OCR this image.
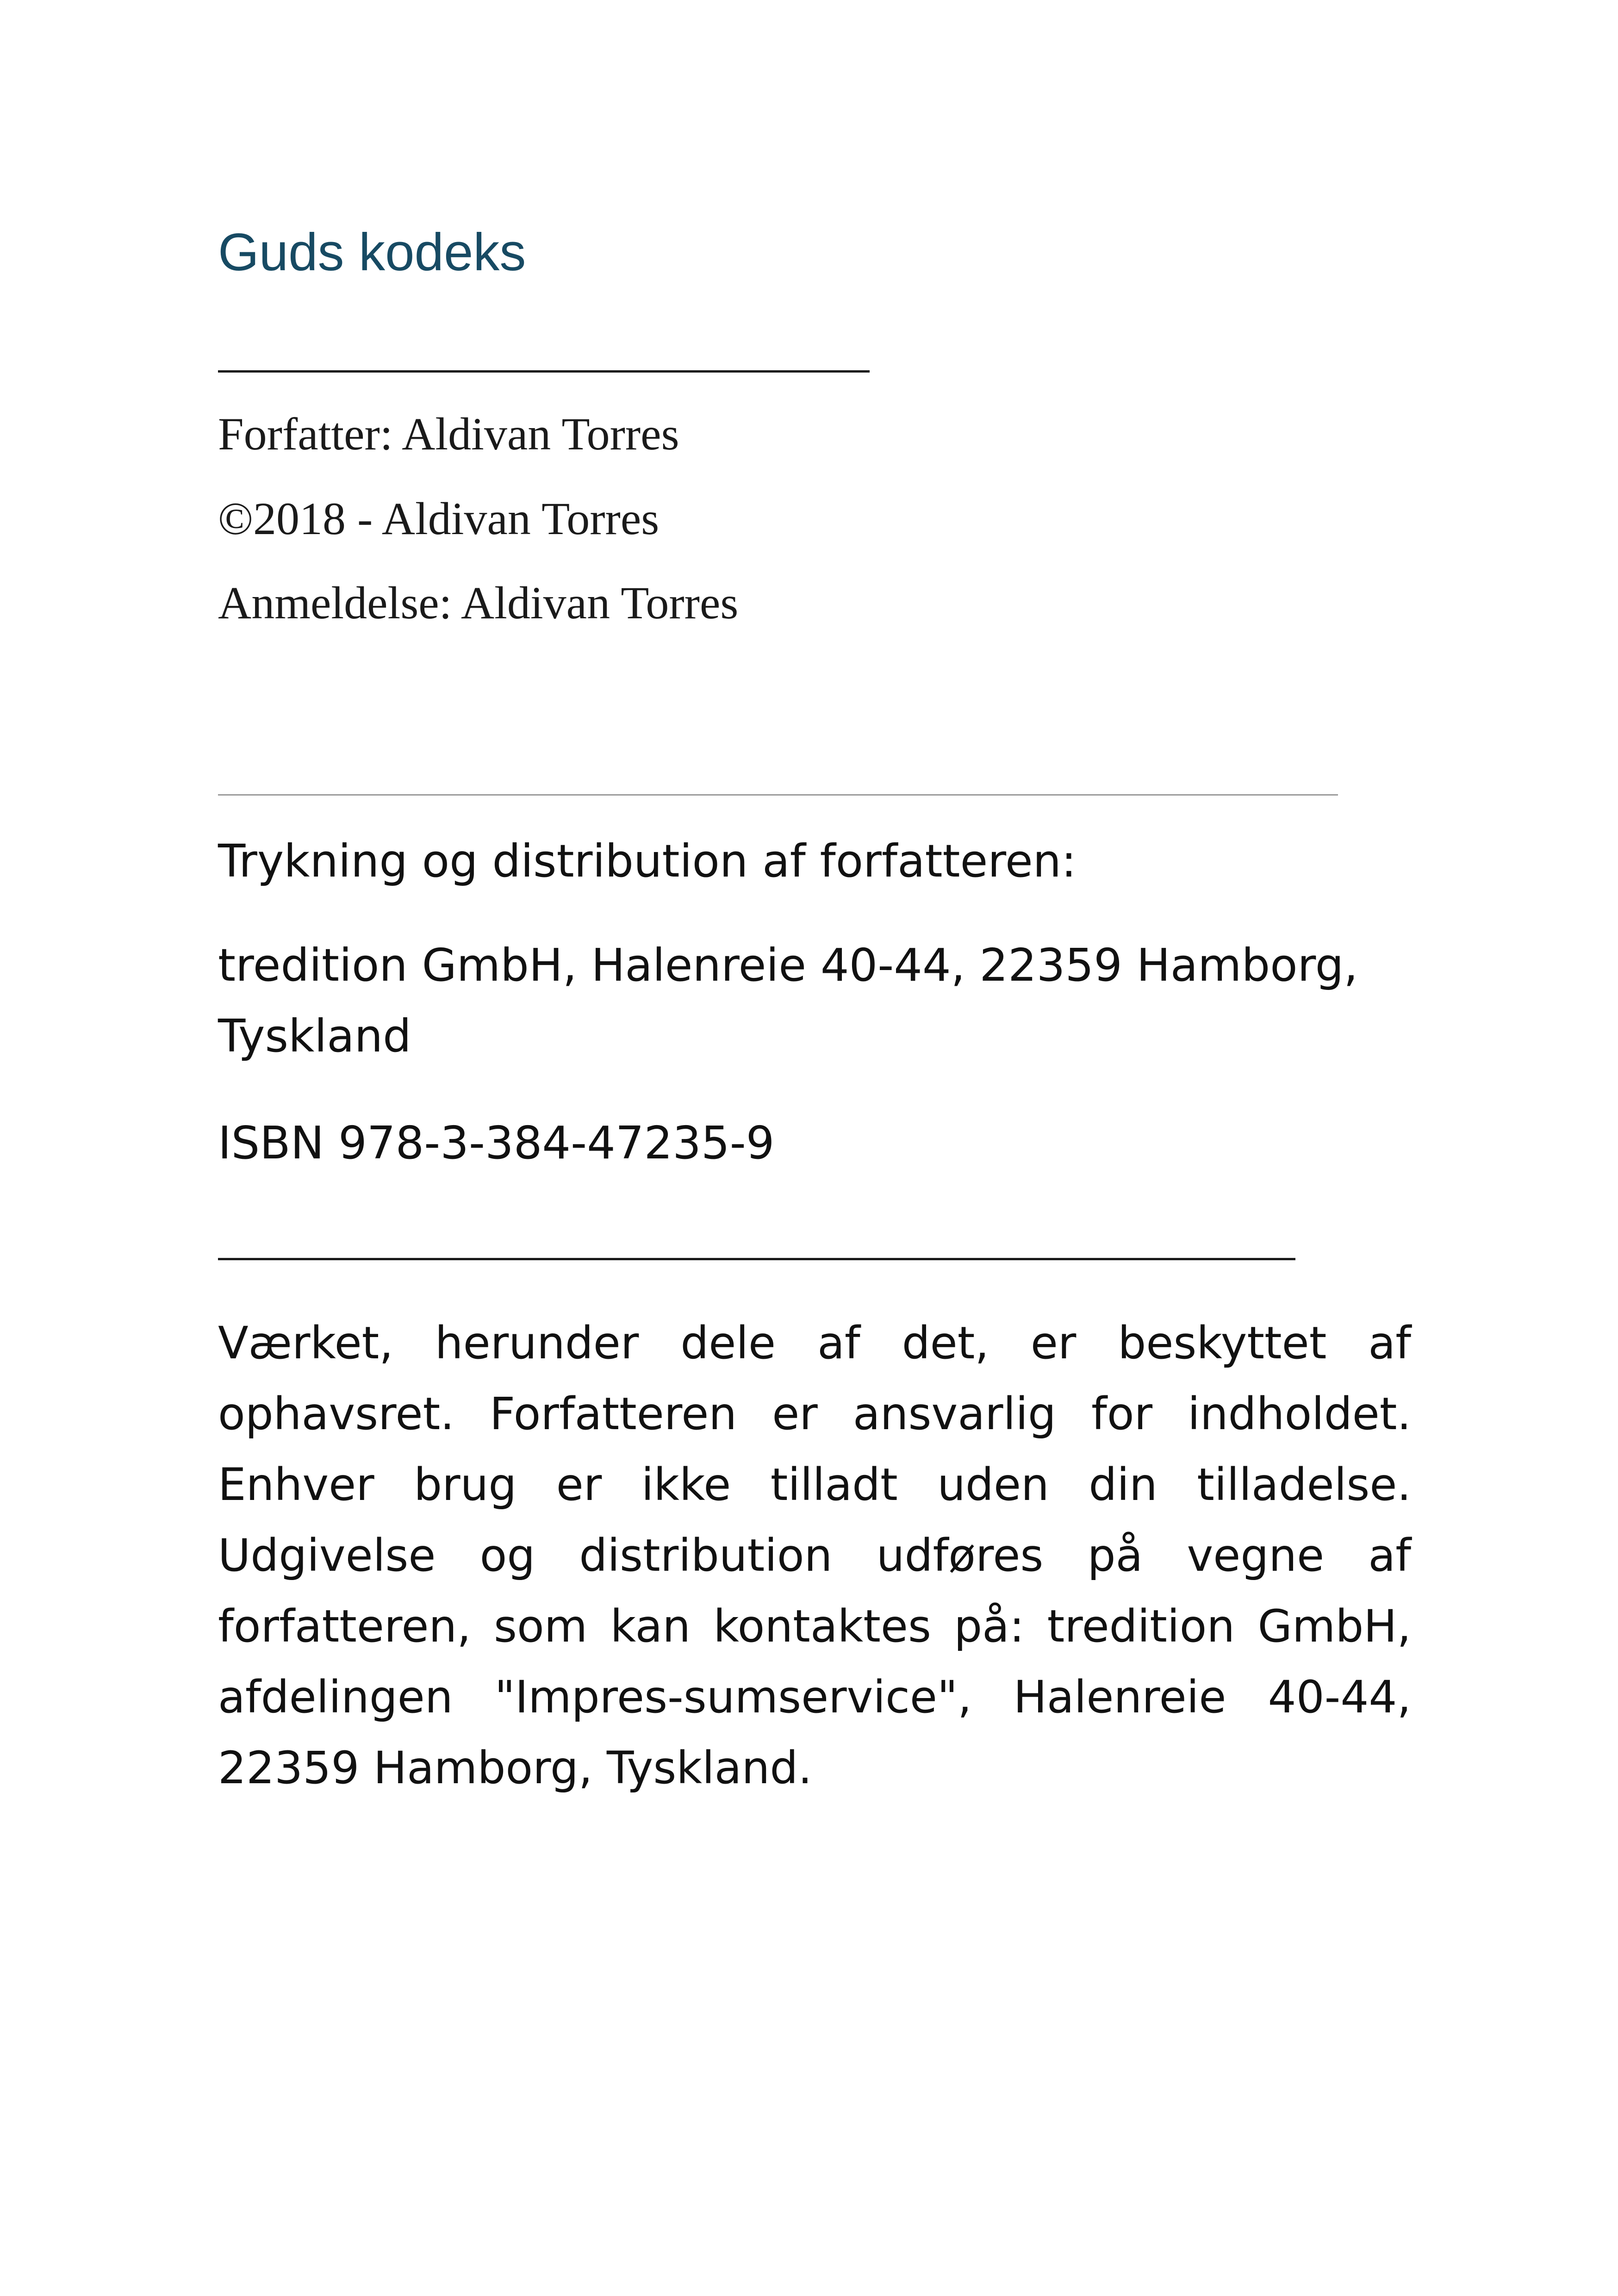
Guds kodeks

Forfatter: Aldivan Torres

©2018 - Aldivan Torres

Anmeldelse: Aldivan Torres

Trykning og distribution af forfatteren:

tredition GmbH, Halenreie 40-44, 22359 Hamborg, Tyskland

ISBN 978-3-384-47235-9

Værket, herunder dele af det, er beskyttet af ophavsret. Forfatteren er ansvarlig for indholdet. Enhver brug er ikke tilladt uden din tilladelse. Udgivelse og distribution udføres på vegne af forfatteren, som kan kontaktes på: tredition GmbH, afdelingen "Impres-sumservice", Halenreie 40-44, 22359 Hamborg, Tyskland.
